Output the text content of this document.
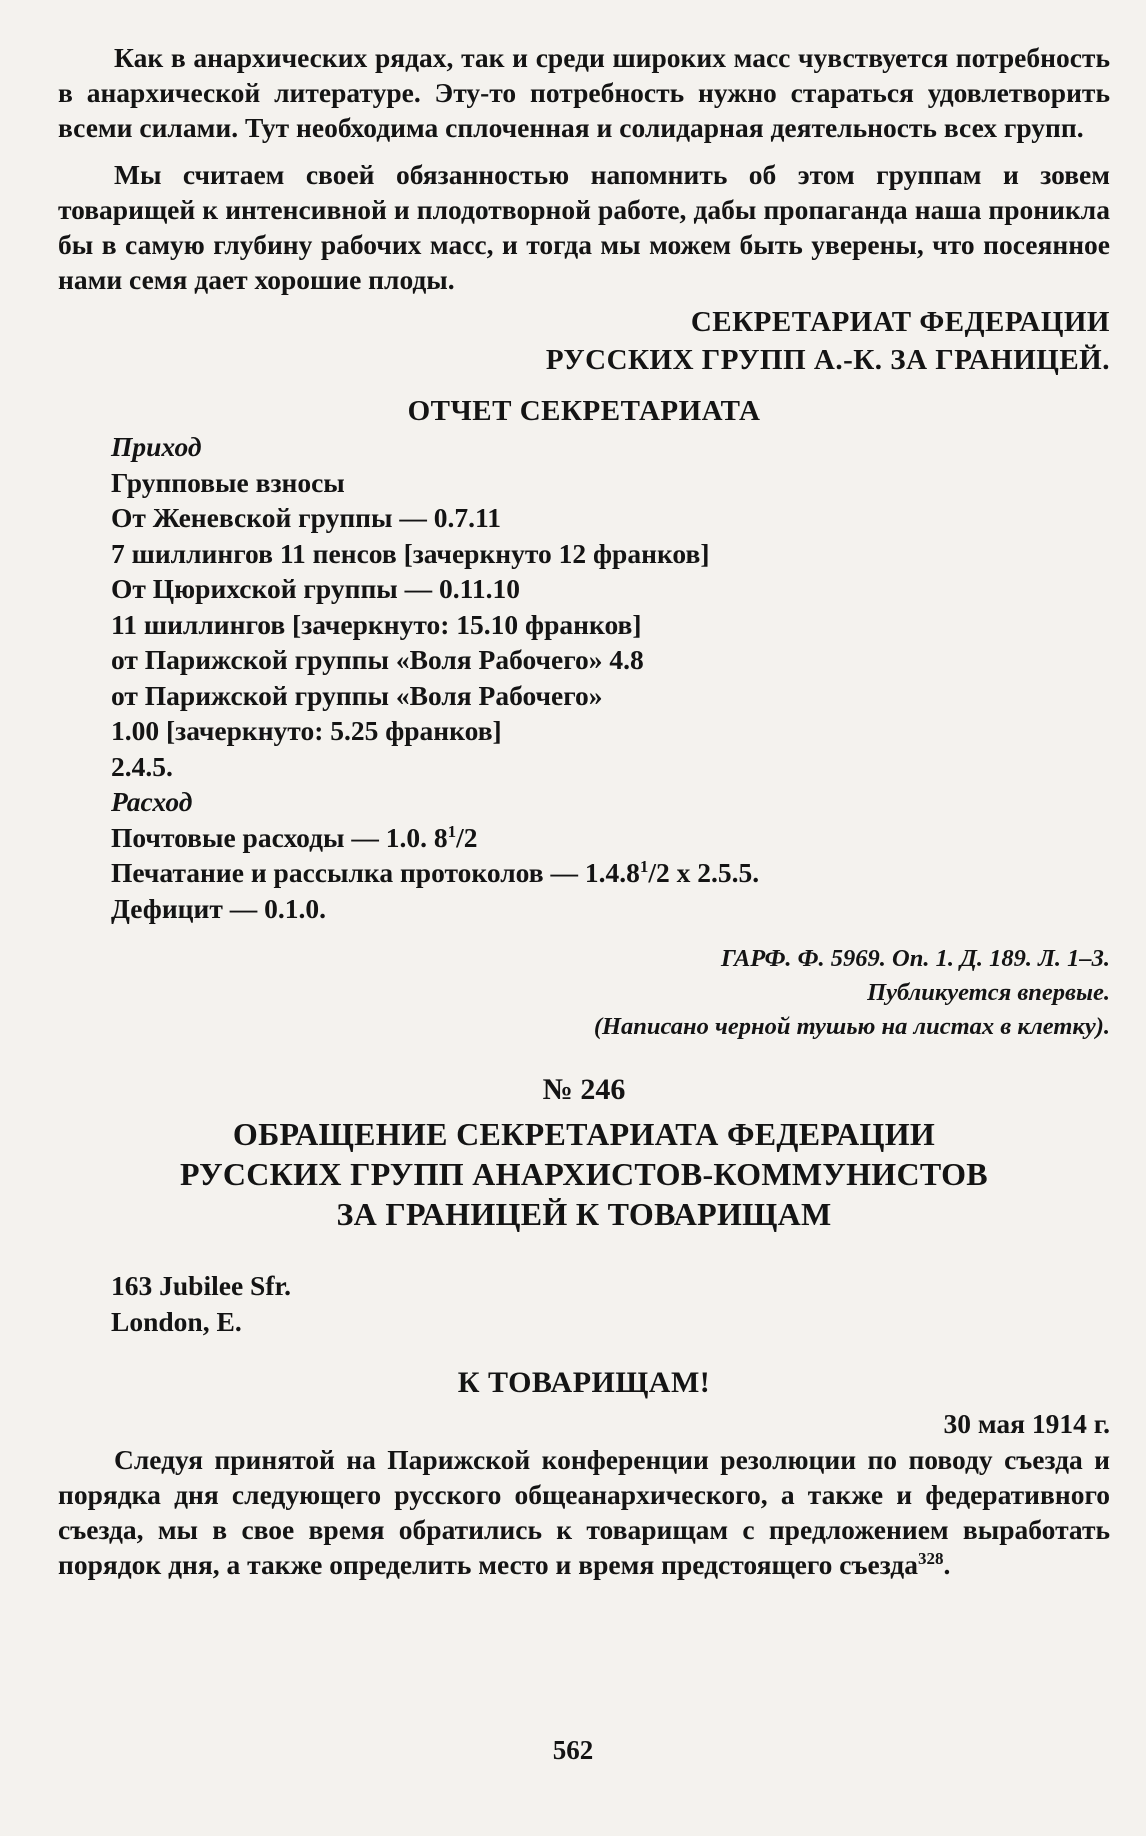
Как в анархических рядах, так и среди широких масс чувствуется потребность в анархической литературе. Эту-то потребность нужно стараться удовлетворить всеми силами. Тут необходима сплоченная и солидарная деятельность всех групп.

Мы считаем своей обязанностью напомнить об этом группам и зовем товарищей к интенсивной и плодотворной работе, дабы пропаганда наша проникла бы в самую глубину рабочих масс, и тогда мы можем быть уверены, что посеянное нами семя дает хорошие плоды.

СЕКРЕТАРИАТ ФЕДЕРАЦИИ
РУССКИХ ГРУПП А.-К. ЗА ГРАНИЦЕЙ.
ОТЧЕТ СЕКРЕТАРИАТА
Приход
Групповые взносы
От Женевской группы — 0.7.11
7 шиллингов 11 пенсов [зачеркнуто 12 франков]
От Цюрихской группы — 0.11.10
11 шиллингов [зачеркнуто: 15.10 франков]
от Парижской группы «Воля Рабочего» 4.8
от Парижской группы «Воля Рабочего»
1.00 [зачеркнуто: 5.25 франков]
2.4.5.
Расход
Почтовые расходы — 1.0. $8^1/2$
Печатание и рассылка протоколов — 1.4.8$^1$/2 х 2.5.5.
Дефицит — 0.1.0.
ГАРФ. Ф. 5969. Оп. 1. Д. 189. Л. 1–3.
Публикуется впервые.
(Написано черной тушью на листах в клетку).
№ 246
ОБРАЩЕНИЕ СЕКРЕТАРИАТА ФЕДЕРАЦИИ
РУССКИХ ГРУПП АНАРХИСТОВ-КОММУНИСТОВ
ЗА ГРАНИЦЕЙ К ТОВАРИЩАМ
163 Jubilee Sfr.
London, E.
К ТОВАРИЩАМ!
30 мая 1914 г.

Следуя принятой на Парижской конференции резолюции по поводу съезда и порядка дня следующего русского общеанархического, а также и федеративного съезда, мы в свое время обратились к товарищам с предложением выработать порядок дня, а также определить место и время предстоящего съезда$^{328}$.

562
